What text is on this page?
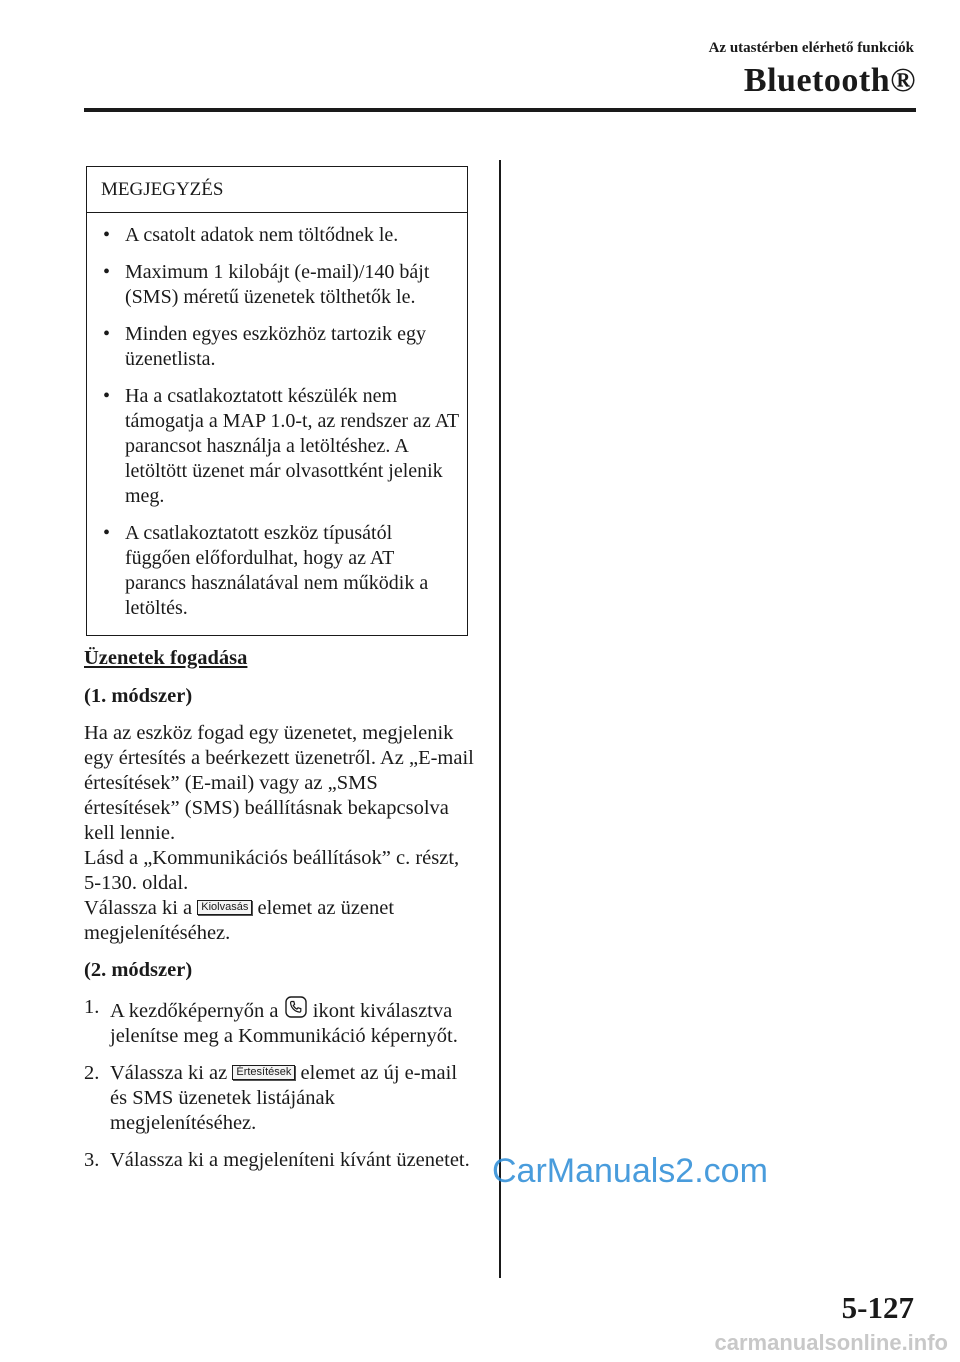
Az utastérben elérhető funkciók
Bluetooth®
MEGJEGYZÉS
• A csatolt adatok nem töltődnek le.
• Maximum 1 kilobájt (e-mail)/140 bájt (SMS) méretű üzenetek tölthetők le.
• Minden egyes eszközhöz tartozik egy üzenetlista.
• Ha a csatlakoztatott készülék nem támogatja a MAP 1.0-t, az rendszer az AT parancsot használja a letöltéshez. A letöltött üzenet már olvasottként jelenik meg.
• A csatlakoztatott eszköz típusától függően előfordulhat, hogy az AT parancs használatával nem működik a letöltés.

Üzenetek fogadása

(1. módszer)

Ha az eszköz fogad egy üzenetet, megjelenik egy értesítés a beérkezett üzenetről. Az „E-mail értesítések” (E-mail) vagy az „SMS értesítések” (SMS) beállításnak bekapcsolva kell lennie.

Lásd a „Kommunikációs beállítások” c. részt, 5-130. oldal.

Válassza ki a Kiolvasás elemet az üzenet megjelenítéséhez.

(2. módszer)

1. A kezdőképernyőn a  ikont kiválasztva jelenítse meg a Kommunikáció képernyőt.
2. Válassza ki az Értesítések elemet az új e-mail és SMS üzenetek listájának megjelenítéséhez.
3. Válassza ki a megjeleníteni kívánt üzenetet. CarManuals2.com
5-127
carmanualsonline.info
